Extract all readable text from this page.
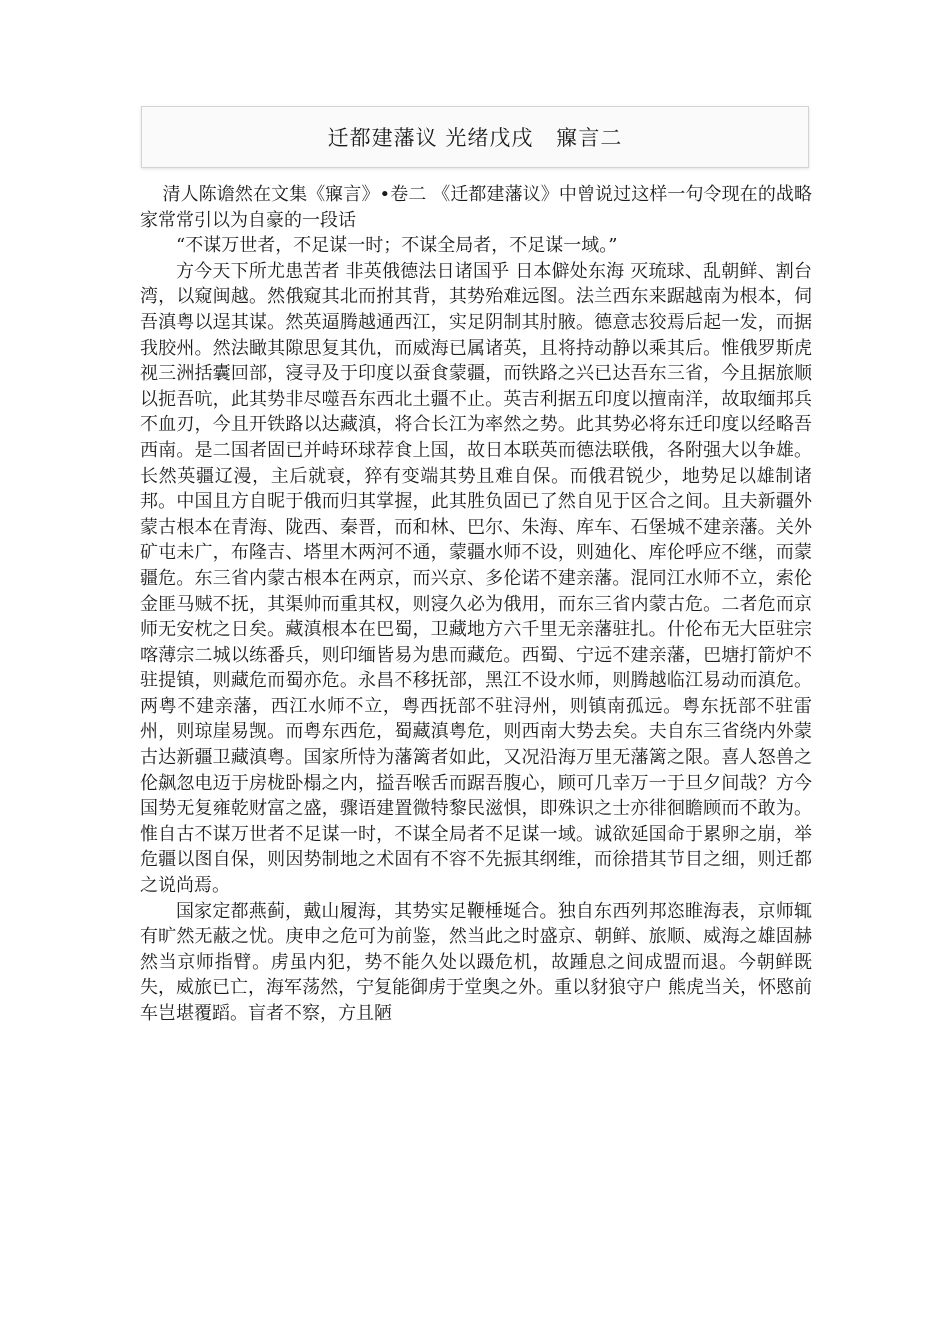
迁都建藩议 光绪戊戌   寱言二

清人陈谵然在文集《寱言》•卷二 《迁都建藩议》中曾说过这样一句令现在的战略家常常引以为自豪的一段话

“不谋万世者，不足谋一时；不谋全局者，不足谋一域。”

方今天下所尤患苦者 非英俄德法日诸国乎 日本僻处东海 灭琉球、乱朝鲜、割台湾，以窥闽越。然俄窥其北而拊其背，其势殆难远图。法兰西东来踞越南为根本，伺吾滇粤以逞其谋。然英逼腾越通西江，实足阴制其肘腋。德意志狡焉后起一发，而据我胶州。然法瞰其隙思复其仇，而威海已属诸英，且将持动静以乘其后。惟俄罗斯虎视三洲括囊回部，寖寻及于印度以蚕食蒙疆，而铁路之兴已达吾东三省，今且据旅顺以扼吾吭，此其势非尽噬吾东西北土疆不止。英吉利据五印度以擅南洋，故取缅邦兵不血刃，今且开铁路以达藏滇，将合长江为率然之势。此其势必将东迁印度以经略吾西南。是二国者固已并峙环球荐食上国，故日本联英而德法联俄，各附强大以争雄。长然英疆辽漫，主后就衰，猝有变端其势且难自保。而俄君锐少，地势足以雄制诸邦。中国且方自昵于俄而归其掌握，此其胜负固已了然自见于区合之间。且夫新疆外蒙古根本在青海、陇西、秦晋，而和林、巴尔、朱海、库车、石堡城不建亲藩。关外矿屯未广，布隆吉、塔里木两河不通，蒙疆水师不设，则廸化、库伦呼应不继，而蒙疆危。东三省内蒙古根本在两京，而兴京、多伦诺不建亲藩。混同江水师不立，索伦金匪马贼不抚，其渠帅而重其权，则寖久必为俄用，而东三省内蒙古危。二者危而京师无安枕之日矣。藏滇根本在巴蜀，卫藏地方六千里无亲藩驻扎。什伦布无大臣驻宗喀薄宗二城以练番兵，则印缅皆易为患而藏危。西蜀、宁远不建亲藩，巴塘打箭炉不驻提镇，则藏危而蜀亦危。永昌不移抚部，黑江不设水师，则腾越临江易动而滇危。两粤不建亲藩，西江水师不立，粤西抚部不驻浔州，则镇南孤远。粤东抚部不驻雷州，则琼崖易觊。而粤东西危，蜀藏滇粤危，则西南大势去矣。夫自东三省绕内外蒙古达新疆卫藏滇粤。国家所恃为藩篱者如此，又况沿海万里无藩篱之限。喜人怒兽之伦飙忽电迈于房栊卧榻之内，搤吾喉舌而踞吾腹心，顾可几幸万一于旦夕间哉？方今国势无复雍乾财富之盛，骤语建置微特黎民滋惧，即殊识之士亦徘徊瞻顾而不敢为。惟自古不谋万世者不足谋一时，不谋全局者不足谋一域。诚欲延国命于累卵之崩，举危疆以图自保，则因势制地之术固有不容不先振其纲维，而徐措其节目之细，则迁都之说尚焉。

国家定都燕蓟，戴山履海，其势实足鞭棰埏合。独自东西列邦恣睢海表，京师辄有旷然无蔽之忧。庚申之危可为前鉴，然当此之时盛京、朝鲜、旅顺、威海之雄固赫然当京师指臂。虏虽内犯，势不能久处以蹑危机，故踵息之间成盟而退。今朝鲜既失，威旅已亡，海军荡然，宁复能御虏于堂奥之外。重以豺狼守户 熊虎当关，怀愍前车岂堪覆蹈。盲者不察，方且陋
